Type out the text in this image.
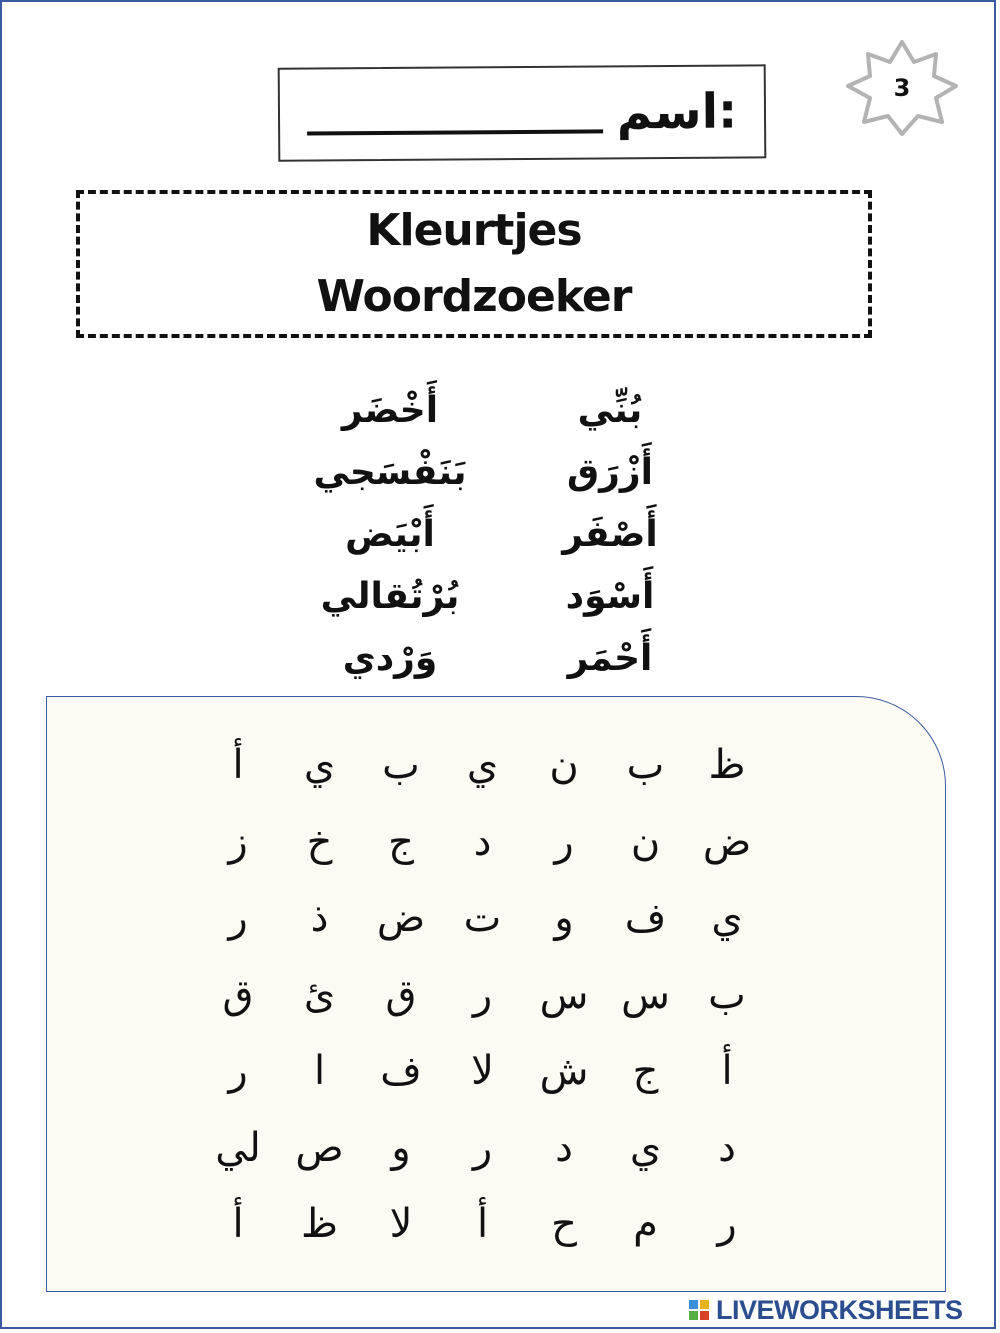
3
اسم:
Kleurtjes
Woordzoeker
بُنِّي
أَزْرَق
أَصْفَر
أَسْوَد
أَحْمَر
أَخْضَر
بَنَفْسَجي
أَبْيَض
بُرْتُقالي
وَرْدي
ظ
ب
ن
ي
ب
ي
أ
ض
ن
ر
د
ج
خ
ز
ي
ف
و
ت
ض
ذ
ر
ب
س
س
ر
ق
ئ
ق
أ
ج
ش
لا
ف
ا
ر
د
ي
د
ر
و
ص
لي
ر
م
ح
أ
لا
ظ
أ
LIVEWORKSHEETS
